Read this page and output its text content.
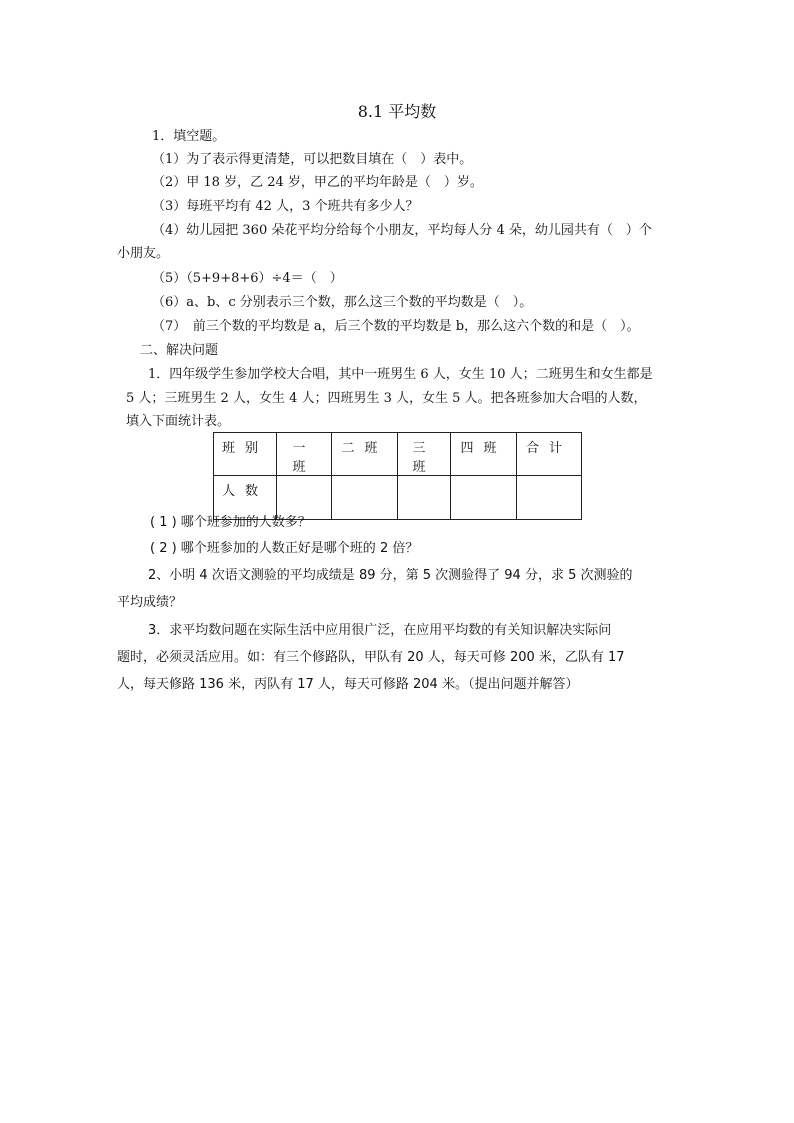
8.1 平均数
1．填空题。
（1）为了表示得更清楚，可以把数目填在（　）表中。
（2）甲 18 岁，乙 24 岁，甲乙的平均年龄是（　）岁。
（3）每班平均有 42 人，3 个班共有多少人？
（4）幼儿园把 360 朵花平均分给每个小朋友，平均每人分 4 朵，幼儿园共有（　）个
小朋友。
（5）（5+9+8+6）÷4＝（　）
（6）a、b、c 分别表示三个数，那么这三个数的平均数是（　）。
（7）　前三个数的平均数是 a，后三个数的平均数是 b，那么这六个数的和是（　）。
二、解决问题
1．四年级学生参加学校大合唱，其中一班男生 6 人，女生 10 人；二班男生和女生都是
5 人；三班男生 2 人，女生 4 人；四班男生 3 人，女生 5 人。把各班参加大合唱的人数，
填入下面统计表。
班别	一班	二班	三班	四班	合计

人数					

( 1 ) 哪个班参加的人数多？
( 2 ) 哪个班参加的人数正好是哪个班的 2 倍？
2、小明 4 次语文测验的平均成绩是 89 分，第 5 次测验得了 94 分，求 5 次测验的
平均成绩？
3．求平均数问题在实际生活中应用很广泛，在应用平均数的有关知识解决实际问
题时，必须灵活应用。如：有三个修路队，甲队有 20 人，每天可修 200 米，乙队有 17
人，每天修路 136 米，丙队有 17 人，每天可修路 204 米。（提出问题并解答）
